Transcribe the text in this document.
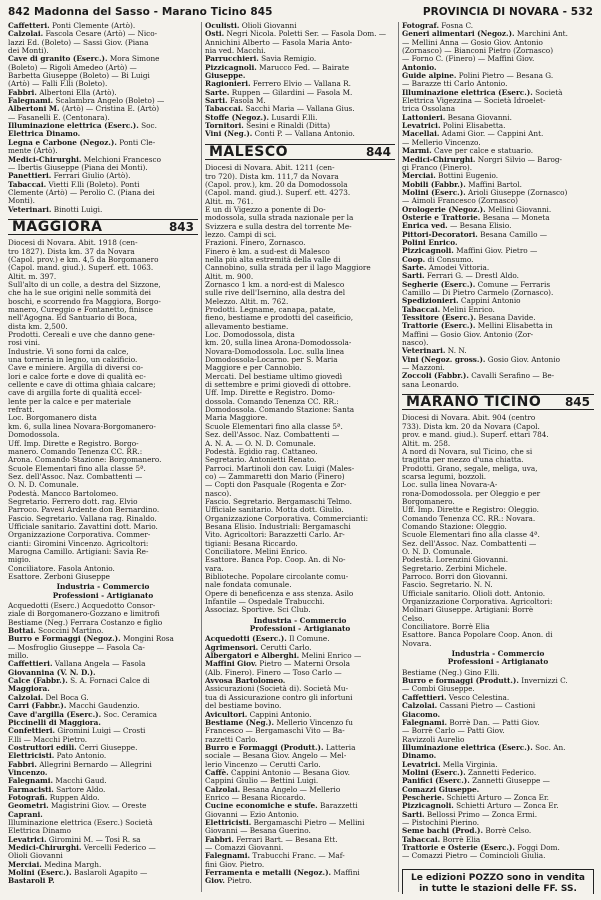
842 Madonna del Sasso - Marano Ticino 845	PROVINCIA DI NOVARA - 532

Caffetteri. Ponti Clemente (Artò).

Calzolai. Fascola Cesare (Artò) — Nico-

lazzi Ed. (Boleto) — Sassi Giov. (Piana

dei Monti).

Cave di granito (Eserc.). Mora Simone

(Boleto) — Rigoli Amedeo (Artò) —

Barbetta Giuseppe (Boleto) — Bi Luigi

(Artò) — Falli F.lli (Boleto).

Fabbri. Albertoni Ella (Artò).

Falegnami. Scalambra Angelo (Boleto) —

Albertoni M. (Artò) — Cristina E. (Artò)

— Fasanelli E. (Centonara).

Illuminazione elettrica (Eserc.). Soc.

Elettrica Dinamo.

Legna e Carbone (Negoz.). Ponti Cle-

mente (Artò).

Medici-Chirurghi. Melchioni Francesco

— Ibertis Giuseppe (Piana dei Monti).

Panettieri. Ferrari Giulio (Artò).

Tabaccai. Vietti F.lli (Boleto). Ponti

Clemente (Artò) — Perolio C. (Piana dei

Monti).

Veterinari. Binotti Luigi.

MAGGIORA	843

Diocesi di Novara. Abit. 1918 (cen-

tro 1827). Dista km. 37 da Novara

(Capol. prov.) e km. 4,5 da Borgomanero

(Capol. mand. giud.). Superf. ett. 1063.

Altit. m. 397.

Sull'alto di un colle, a destra del Sizzone,

che ha le sue origini nelle sommità dei

boschi, e scorrendo fra Maggiora, Borgo-

manero, Cureggio e Fontanetto, finisce

nell'Agogna. Ed Santuario di Boca,

dista km. 2,500.

Prodotti. Cereali e uve che danno gene-

rosi vini.

Industrie. Vi sono forni da calce,

una torneria in legno, un calzificio.

Cave e miniere. Argilla di diversi co-

lori e calce forte e dove di qualità ec-

cellente e cave di ottima ghiaia calcare;

cave di argilla forte di qualità eccel-

lente per la calce e per materiale

refratt.

Loc. Borgomanero dista

km. 6, sulla linea Novara-Borgomanero-

Domodossola.

Uff. Imp. Dirette e Registro. Borgo-

manero. Comando Tenenza CC. RR.:

Arona. Comando Stazione: Borgomanero.

Scuole Elementari fino alla classe 5ª.

Sez. dell'Assoc. Naz. Combattenti —

O. N. D. Comunale.

Podestà. Mancco Bartolomeo.

Segretario. Ferrero dott. rag. Elvio

Parroco. Pavesi Ardente don Bernardino.

Fascio. Segretario. Vallana rag. Rinaldo.

Ufficiale sanitario. Zavattini dott. Mario.

Organizzazione Corporativa. Commer-

cianti: Giromini Vincenzo. Agricoltori:

Marogna Camillo. Artigiani: Savia Re-

migio.

Conciliatore. Fasola Antonio.

Esattore. Zerboni Giuseppe

Industria - Commercio

Professioni - Artigianato

Acquedotti (Eserc.) Acquedotto Consor-

ziale di Borgomanero-Gozzano e limitrofi

Bestiame (Neg.) Ferrara Costanzo e figlio

Bottai. Scoccini Martino.

Burro e Formaggi (Negoz.). Mongini Rosa

— Mosfroglio Giuseppe — Fasola Ca-

millo.

Caffettieri. Vallana Angela — Fasola

Giovannina (V. N. D.).

Calce (Fabbr.). S. A. Fornaci Calce di

Maggiora.

Calzolai. Del Boca G.

Carri (Fabbr.). Macchi Gaudenzio.

Cave d'argilla (Eserc.). Soc. Ceramica

Piccinelli di Maggiora.

Confettieri. Giromini Luigi — Crosti

F.lli — Macchi Pietro.

Costruttori edili. Cerri Giuseppe.

Elettricisti. Pato Antonio.

Fabbri. Allegrini Bernardo — Allegrini

Vincenzo.

Falegnami. Macchi Gaud.

Farmacisti. Sartore Aldo.

Fotografi. Ruppen Aldo.

Geometri. Magistrini Giov. — Oreste

Caprani.

Illuminazione elettrica (Eserc.) Società

Elettrica Dinamo

Levatrici. Giromini M. — Tosi R. sa

Medici-Chirurghi. Vercelli Federico —

Olioli Giovanni

Merciai. Medina Margh.

Molini (Eserc.). Baslaroli Agapito —

Bastaroli P.

Oculisti. Olioli Giovanni

Osti. Negri Nicola. Poletti Ser. — Fasola Dom. —

Annichini Alberto — Fasola Maria Anto-

nia ved. Macchi.

Parrucchieri. Savia Remigio.

Pizzicagnoli. Marucco Fed. — Bairate

Giuseppe.

Ragionieri. Ferrero Elvio — Vallana R.

Sarte. Ruppen — Gilardini — Fasola M.

Sarti. Fasola M.

Tabaccai. Sacchi Maria — Vallana Gius.

Stoffe (Negoz.). Lusardi F.lli.

Tornitori. Sesini e Rinaldi (Ditta)

Vini (Neg.). Conti P. — Vallana Antonio.

MALESCO	844

Diocesi di Novara. Abit. 1211 (cen-

tro 720). Dista km. 111,7 da Novara

(Capol. prov.), km. 20 da Domodossola

(Capol. mand. giud.). Superf. ett. 4273.

Altit. m. 761.

È un di Vigezzo a ponente di Do-

modossola, sulla strada nazionale per la

Svizzera e sulla destra del torrente Me-

lezzo. Campi di sci.

Frazioni. Finero, Zornasco.

Finero è km. a sud-est di Malesco

nella più alta estremità della valle di

Cannobino, sulla strada per il lago Maggiore

Altit. m. 900.

Zornasco 1 km. a nord-est di Malesco

sulle rive dell'Isernino, alla destra del

Melezzo. Altit. m. 762.

Prodotti. Legname, canapa, patate,

fieno, bestiame e prodotti del caseificio,

allevamento bestiame.

Loc. Domodossola, dista

km. 20, sulla linea Arona-Domodossola-

Novara-Domodossola. Loc. sulla linea

Domodossola-Locarno. per S. Maria

Maggiore e per Cannobio.

Mercati. Del bestiame ultimo giovedì

di settembre e primi giovedì di ottobre.

Uff. Imp. Dirette e Registro. Domo-

dossola. Comando Tenenza CC. RR.:

Domodossola. Comando Stazione: Santa

Maria Maggiore.

Scuole Elementari fino alla classe 5ª.

Sez. dell'Assoc. Naz. Combattenti —

A. N. A. — O. N. D. Comunale.

Podestà. Egidio rag. Cattaneo.

Segretario. Antonietti Renato.

Parroci. Martinoli don cav. Luigi (Males-

co) — Zammaretti don Mario (Finero)

— Copti don Pasquale (Rogenta e Zor-

nasco).

Fascio. Segretario. Bergamaschi Telmo.

Ufficiale sanitario. Motta dott. Giulio.

Organizzazione Corporativa. Commercianti:

Besana Elisio. Industriali: Bergamaschi

Vito. Agricoltori: Barazzetti Carlo. Ar-

tigiani: Besana Riccardo.

Conciliatore. Melini Enrico.

Esattore. Banca Pop. Coop. An. di No-

vara.

Biblioteche. Popolare circolante comu-

nale fondata comunale.

Opere di beneficenza e ass stenza. Asilo

Infantile — Ospedale Trabucchi.

Associaz. Sportive. Sci Club.

Industria - Commercio

Professioni - Artigianato

Acquedotti (Eserc.). Il Comune.

Agrimensori. Cerutti Carlo.

Albergatori e Alberghi. Melini Enrico —

Maffini Giov. Pietro — Materni Orsola

(Alb. Finero). Finero — Toso Carlo —

Avvosa Bartolomeo.

Assicurazioni (Società di). Società Mu-

tua di Assicurazione contro gli infortuni

del bestiame bovino.

Avicultori. Cappini Antonio.

Bestiame (Neg.). Mellerio Vincenzo fu

Francesco — Bergamaschi Vito — Ba-

razzetti Carlo.

Burro e Formaggi (Produtt.). Latteria

sociale — Besana Giov. Angelo — Mel-

lerio Vincenzo — Cerutti Carlo.

Caffè. Cappini Antonio — Besana Giov.

Cappini Giulio — Bettini Luigi.

Calzolai. Besana Angelo — Mellerio

Enrico — Besana Riccardo.

Cucine economiche e stufe. Barazzetti

Giovanni — Ezio Antonio.

Elettricisti. Bergamaschi Pietro — Mellini

Giovanni — Besana Guerino.

Fabbri. Ferrari Bart. — Besana Ett.

— Comazzi Giovanni.

Falegnami. Trabucchi Franc. — Maf-

fini Giov. Pietro.

Ferramenta e metalli (Negoz.). Maffini

Giov. Pietro.

Fotograf. Fosna C.

Generi alimentari (Negoz.). Marchini Ant.

— Mellini Anna — Gosio Giov. Antonio

(Zornasco) — Bianconi Pietro (Zornasco)

— Forno C. (Finero) — Maffini Giov.

Antonio.

Guide alpine. Polini Pietro — Besana G.

— Barazze tti Carlo Antonio.

Illuminazione elettrica (Eserc.). Società

Elettrica Vigezzina — Società Idroelet-

trica Ossolana

Lattonieri. Besana Giovanni.

Levatrici. Polini Elisabetta.

Macellai. Adami Gior. — Cappini Ant.

— Mellerio Vincenzo.

Marmi. Cave per calce e statuario.

Medici-Chirurghi. Norgri Silvio — Barog-

gi Franco (Finero).

Merciai. Bottini Eugenio.

Mobili (Fabbr.). Maffini Bartol.

Molini (Eserc.). Arioli Giuseppe (Zornasco)

— Aimoli Francesco (Zornasco)

Orologerie (Negoz.). Mellini Giovanni.

Osterie e Trattorie. Besana — Moneta

Enrica ved. — Besana Elisio.

Pittori-Decoratori. Besana Camillo —

Polini Enrico.

Pizzicagnoli. Maffini Giov. Pietro —

Coop. di Consumo.

Sarte. Amodei Vittoria.

Sarti. Ferrari G. — Drestl Aldo.

Segherie (Eserc.). Comune — Ferraris

Camillo — Di Pietro Carmelo (Zornasco).

Spedizionieri. Cappini Antonio

Tabaccai. Melini Enrico.

Tessitore (Eserc.). Besana Davide.

Trattorie (Eserc.). Mellini Elisabetta in

Maffini — Gosio Giov. Antonio (Zor-

nasco).

Veterinari. N. N.

Vini (Negoz. gross.). Gosio Giov. Antonio

— Mazzoni.

Zoccoli (Fabbr.). Cavalli Serafino — Be-

sana Leonardo.

MARANO TICINO 845

Diocesi di Novara. Abit. 904 (centro

733). Dista km. 20 da Novara (Capol.

prov. e mand. giud.). Superf. ettari 784.

Altit. m. 258.

A nord di Novara, sul Ticino, che si

tragitta per mezzo d'una chiatta.

Prodotti. Grano, segale, meliga, uva,

scarsa legumi, bozzoli.

Loc. sulla linea Novara-A-

rona-Domodossola. per Oleggio e per

Borgomanero.

Uff. Imp. Dirette e Registro: Oleggio.

Comando Tenenza CC. RR.: Novara.

Comando Stazione: Oleggio.

Scuole Elementari fino alla classe 4ª.

Sez. dell'Assoc. Naz. Combattenti —

O. N. D. Comunale.

Podestà. Lorenzini Giovanni.

Segretario. Zerbini Michele.

Parroco. Borri don Giovanni.

Fascio. Segretario. N. N.

Ufficiale sanitario. Olioli dott. Antonio.

Organizzazione Corporativa. Agricoltori:

Molinari Giuseppe. Artigiani: Borrè

Celso.

Conciliatore. Borrè Elia

Esattore. Banca Popolare Coop. Anon. di

Novara.

Industria - Commercio

Professioni - Artigianato

Bestiame (Neg.) Gino F.lli.

Burro e formaggi (Produtt.). Invernizzi C.

— Combi Giuseppe.

Caffettieri. Vesco Celestina.

Calzolai. Cassani Pietro — Castioni

Giacomo.

Falegnami. Borrè Dan. — Patti Giov.

— Borrè Carlo — Patti Giov.

Ravizzoli Aurelio

Illuminazione elettrica (Eserc.). Soc. An.

Dinamo.

Levatrici. Mella Virginia.

Molini (Eserc.). Zannetti Federico.

Panifici (Eserc.). Zannetti Giuseppe —

Comazzi Giuseppe.

Pescherie. Schietti Arturo — Zonca Er.

Pizzicagnoli. Schietti Arturo — Zonca Er.

Sarti. Bellossi Primo — Zonca Ermi.

— Pistochini Pierino.

Seme bachi (Prod.). Borrè Celso.

Tabaccai. Borrè Elia

Trattorie e Osterie (Eserc.). Foggi Dom.

— Comazzi Pietro — Comincioli Giulia.

Le edizioni POZZO sono in vendita
in tutte le stazioni delle FF. SS.
